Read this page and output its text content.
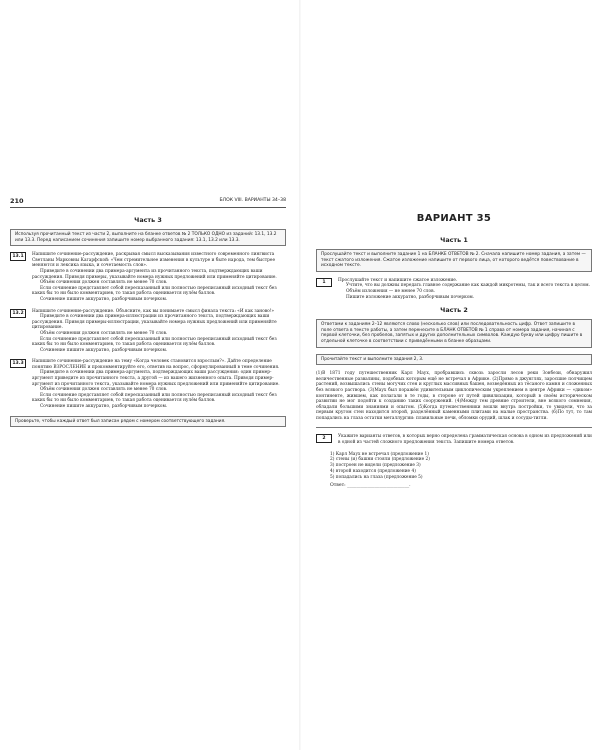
210	БЛОК VIII. ВАРИАНТЫ 34–38
Часть 3
Используя прочитанный текст из части 2, выполните на бланке ответов № 2 ТОЛЬКО ОДНО из заданий: 13.1, 13.2 или 13.3. Перед написанием сочинения запишите номер выбранного задания: 13.1, 13.2 или 13.3.
13.1	Напишите сочинение-рассуждение, раскрывая смысл высказывания известного современного лингвиста Светланы Марковны Кагарфской: «Чем стремительнее изменения в культуре и быте народа, тем быстрее меняются и лексика языка, и сочетаемость слов».

Приведите в сочинении два примера-аргумента из прочитанного текста, подтверждающих ваши рассуждения. Приводя примеры, указывайте номера нужных предложений или применяйте цитирование.

Объём сочинения должен составлять не менее 70 слов.

Если сочинение представляет собой пересказанный или полностью переписанный исходный текст без каких бы то ни было комментариев, то такая работа оценивается нулём баллов.

Сочинение пишите аккуратно, разборчивым почерком.

13.2	Напишите сочинение-рассуждение. Объясните, как вы понимаете смысл финала текста: «И как заново!»

Приведите в сочинении два примера-иллюстрации из прочитанного текста, подтверждающих ваши рассуждения. Приводя примеры-иллюстрации, указывайте номера нужных предложений или применяйте цитирование.

Объём сочинения должен составлять не менее 70 слов.

Если сочинение представляет собой пересказанный или полностью переписанный исходный текст без каких бы то ни было комментариев, то такая работа оценивается нулём баллов.

Сочинение пишите аккуратно, разборчивым почерком.

13.3	Напишите сочинение-рассуждение на тему «Когда человек становится взрослым?». Дайте определение понятию ВЗРОСЛЕНИЕ и прокомментируйте его, ответив на вопрос, сформулированный в теме сочинения.

Приведите в сочинении два примера-аргумента, подтверждающих ваши рассуждения: один пример-аргумент приведите из прочитанного текста, а другой — из вашего жизненного опыта. Приводя пример-аргумент из прочитанного текста, указывайте номера нужных предложений или применяйте цитирование.

Объём сочинения должен составлять не менее 70 слов.

Если сочинение представляет собой пересказанный или полностью переписанный исходный текст без каких бы то ни было комментариев, то такая работа оценивается нулём баллов.

Сочинение пишите аккуратно, разборчивым почерком.

Проверьте, чтобы каждый ответ был записан рядом с номером соответствующего задания.
ВАРИАНТ 35
Часть 1
Прослушайте текст и выполните задание 1 на БЛАНКЕ ОТВЕТОВ № 2. Сначала напишите номер задания, а затем — текст сжатого изложения. Сжатое изложение напишите от первого лица, от которого ведётся повествование в исходном тексте.
1	Прослушайте текст и напишите сжатое изложение.

Учтите, что вы должны передать главное содержание как каждой микротемы, так и всего текста в целом.

Объём изложения — не менее 70 слов.

Пишите изложение аккуратно, разборчивым почерком.

Часть 2
Ответами к заданиям 2–12 являются слово (несколько слов) или последовательность цифр. Ответ запишите в поле ответа в тексте работы, а затем перенесите в БЛАНК ОТВЕТОВ № 1 справа от номера задания, начиная с первой клеточки, без пробелов, запятых и других дополнительных символов. Каждую букву или цифру пишите в отдельной клеточке в соответствии с приведёнными в бланке образцами.
Прочитайте текст и выполните задания 2, 3.
(1)В 1871 году путешественник Карл Маух, пробравшись сквозь заросли лесов реки Зонбези, обнаружил величественные развалины, подобных которым ещё не встречал в Африке. (2)Прямо в джунглях, заросшие полчищем растений, возвышались стены могучих стен и круглых массивных башен, возведённых из тёсаного камня и сложенных без всякого раствора. (3)Маух был поражён удивительным циклопическим укреплением в центре Африки — «диком» континенте, жившем, как полагали в те годы, в стороне от путей цивилизации, который в своём историческом развитии не мог подойти к созданию таких сооружений. (4)Между тем древние строители, вне всякого сомнения, обладали большими знаниями и опытом. (5)Когда путешественники вошли внутрь постройки, то увидели, что за первым кругом стен находится второй, разделённый каменными плитами на малые пространства. (6)По тут, то там попадались на глаза остатки металлургии: плавильные печи, обломки орудий, шлак и сосуды-тигли.
2	Укажите варианты ответов, в которых верно определена грамматическая основа в одном из предложений или в одной из частей сложного предложения текста. Запишите номера ответов.

1) Карл Маух не встречал (предложение 1)
2) стены (и) башни стояли (предложение 2)
3) построен не видели (предложение 3)
4) второй находится (предложение 4)
5) попадались на глаза (предложение 5)
Ответ: ___________________________.
